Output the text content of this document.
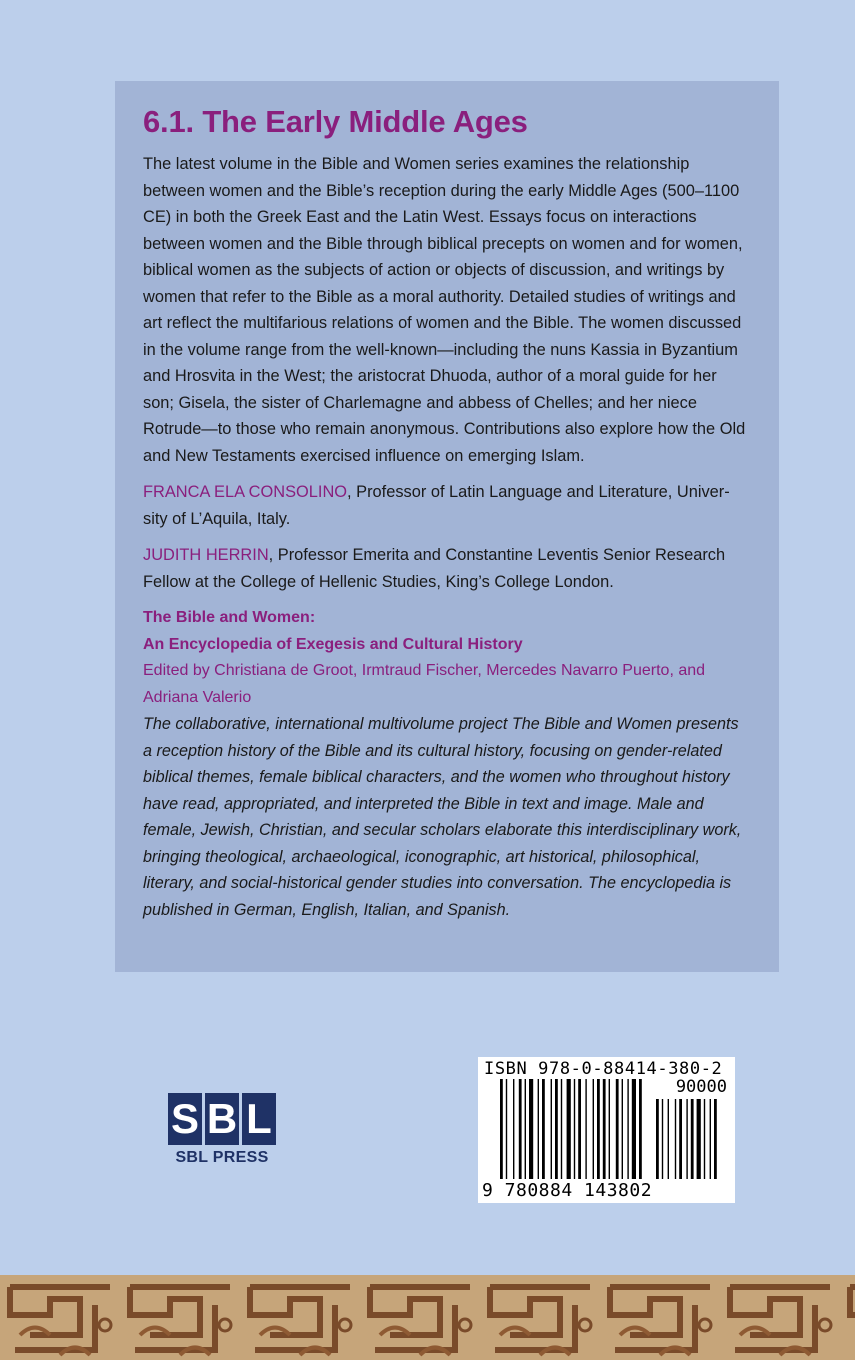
6.1. The Early Middle Ages

The latest volume in the Bible and Women series examines the relationship between women and the Bible’s reception during the early Middle Ages (500–1100 CE) in both the Greek East and the Latin West. Essays focus on interactions between women and the Bible through biblical precepts on women and for women, biblical women as the subjects of action or objects of discussion, and writings by women that refer to the Bible as a moral authority. Detailed studies of writings and art reflect the multifarious relations of women and the Bible. The women discussed in the volume range from the well-known—including the nuns Kassia in Byzantium and Hrosvita in the West; the aristocrat Dhuoda, author of a moral guide for her son; Gisela, the sister of Charlemagne and abbess of Chelles; and her niece Rotrude—to those who remain anonymous. Contributions also explore how the Old and New Testaments exercised influence on emerging Islam.

FRANCA ELA CONSOLINO, Professor of Latin Language and Literature, Univer-sity of L’Aquila, Italy.

JUDITH HERRIN, Professor Emerita and Constantine Leventis Senior Research Fellow at the College of Hellenic Studies, King’s College London.

The Bible and Women:
An Encyclopedia of Exegesis and Cultural History
Edited by Christiana de Groot, Irmtraud Fischer, Mercedes Navarro Puerto, and Adriana Valerio
The collaborative, international multivolume project The Bible and Women presents a reception history of the Bible and its cultural history, focusing on gender-related biblical themes, female biblical characters, and the women who throughout history have read, appropriated, and interpreted the Bible in text and image. Male and female, Jewish, Christian, and secular scholars elaborate this interdisciplinary work, bringing theological, archaeological, iconographic, art historical, philosophical, literary, and social-historical gender studies into conversation. The encyclopedia is published in German, English, Italian, and Spanish.
S B L
SBL PRESS
ISBN 978-0-88414-380-2
90000
9 780884 143802
